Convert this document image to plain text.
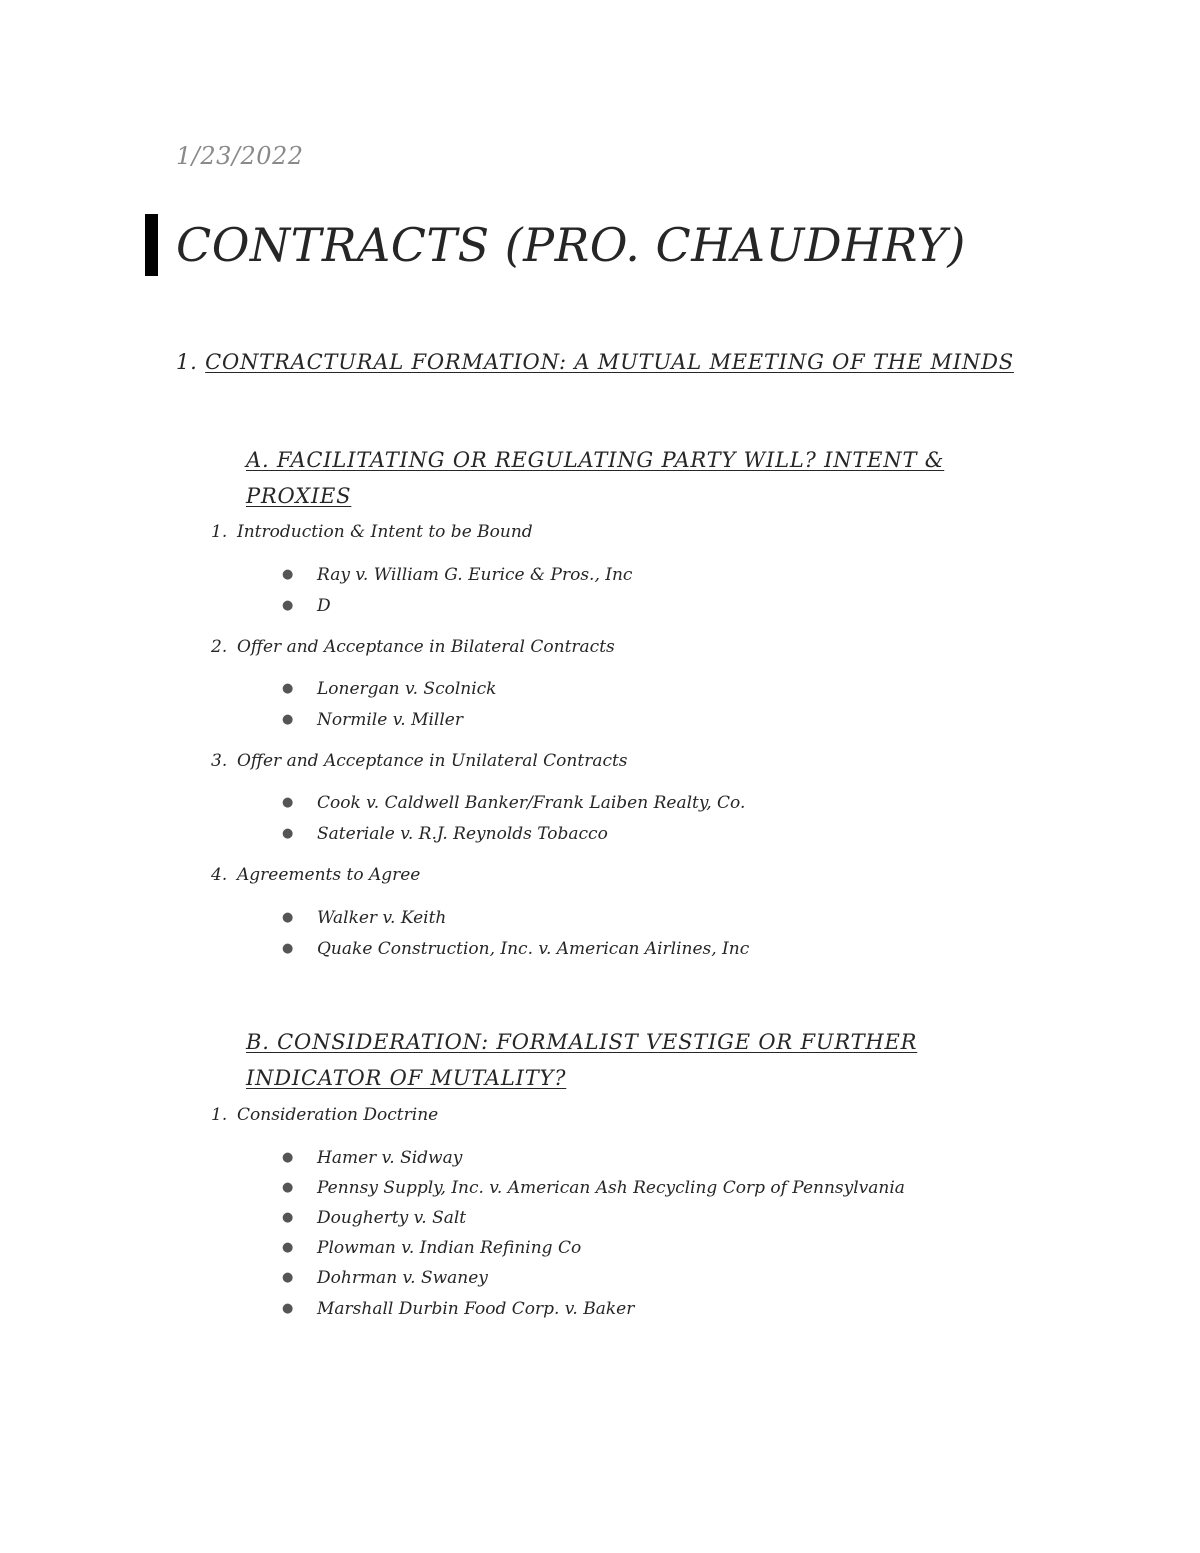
1/23/2022
CONTRACTS (PRO. CHAUDHRY)
1. CONTRACTURAL FORMATION: A MUTUAL MEETING OF THE MINDS
A. FACILITATING OR REGULATING PARTY WILL? INTENT &
PROXIES
1. Introduction & Intent to be Bound
● Ray v. William G. Eurice & Pros., Inc
● D
2. Offer and Acceptance in Bilateral Contracts
● Lonergan v. Scolnick
● Normile v. Miller
3. Offer and Acceptance in Unilateral Contracts
● Cook v. Caldwell Banker/Frank Laiben Realty, Co.
● Sateriale v. R.J. Reynolds Tobacco
4. Agreements to Agree
● Walker v. Keith
● Quake Construction, Inc. v. American Airlines, Inc
B. CONSIDERATION: FORMALIST VESTIGE OR FURTHER
INDICATOR OF MUTALITY?
1. Consideration Doctrine
● Hamer v. Sidway
● Pennsy Supply, Inc. v. American Ash Recycling Corp of Pennsylvania
● Dougherty v. Salt
● Plowman v. Indian Refining Co
● Dohrman v. Swaney
● Marshall Durbin Food Corp. v. Baker
